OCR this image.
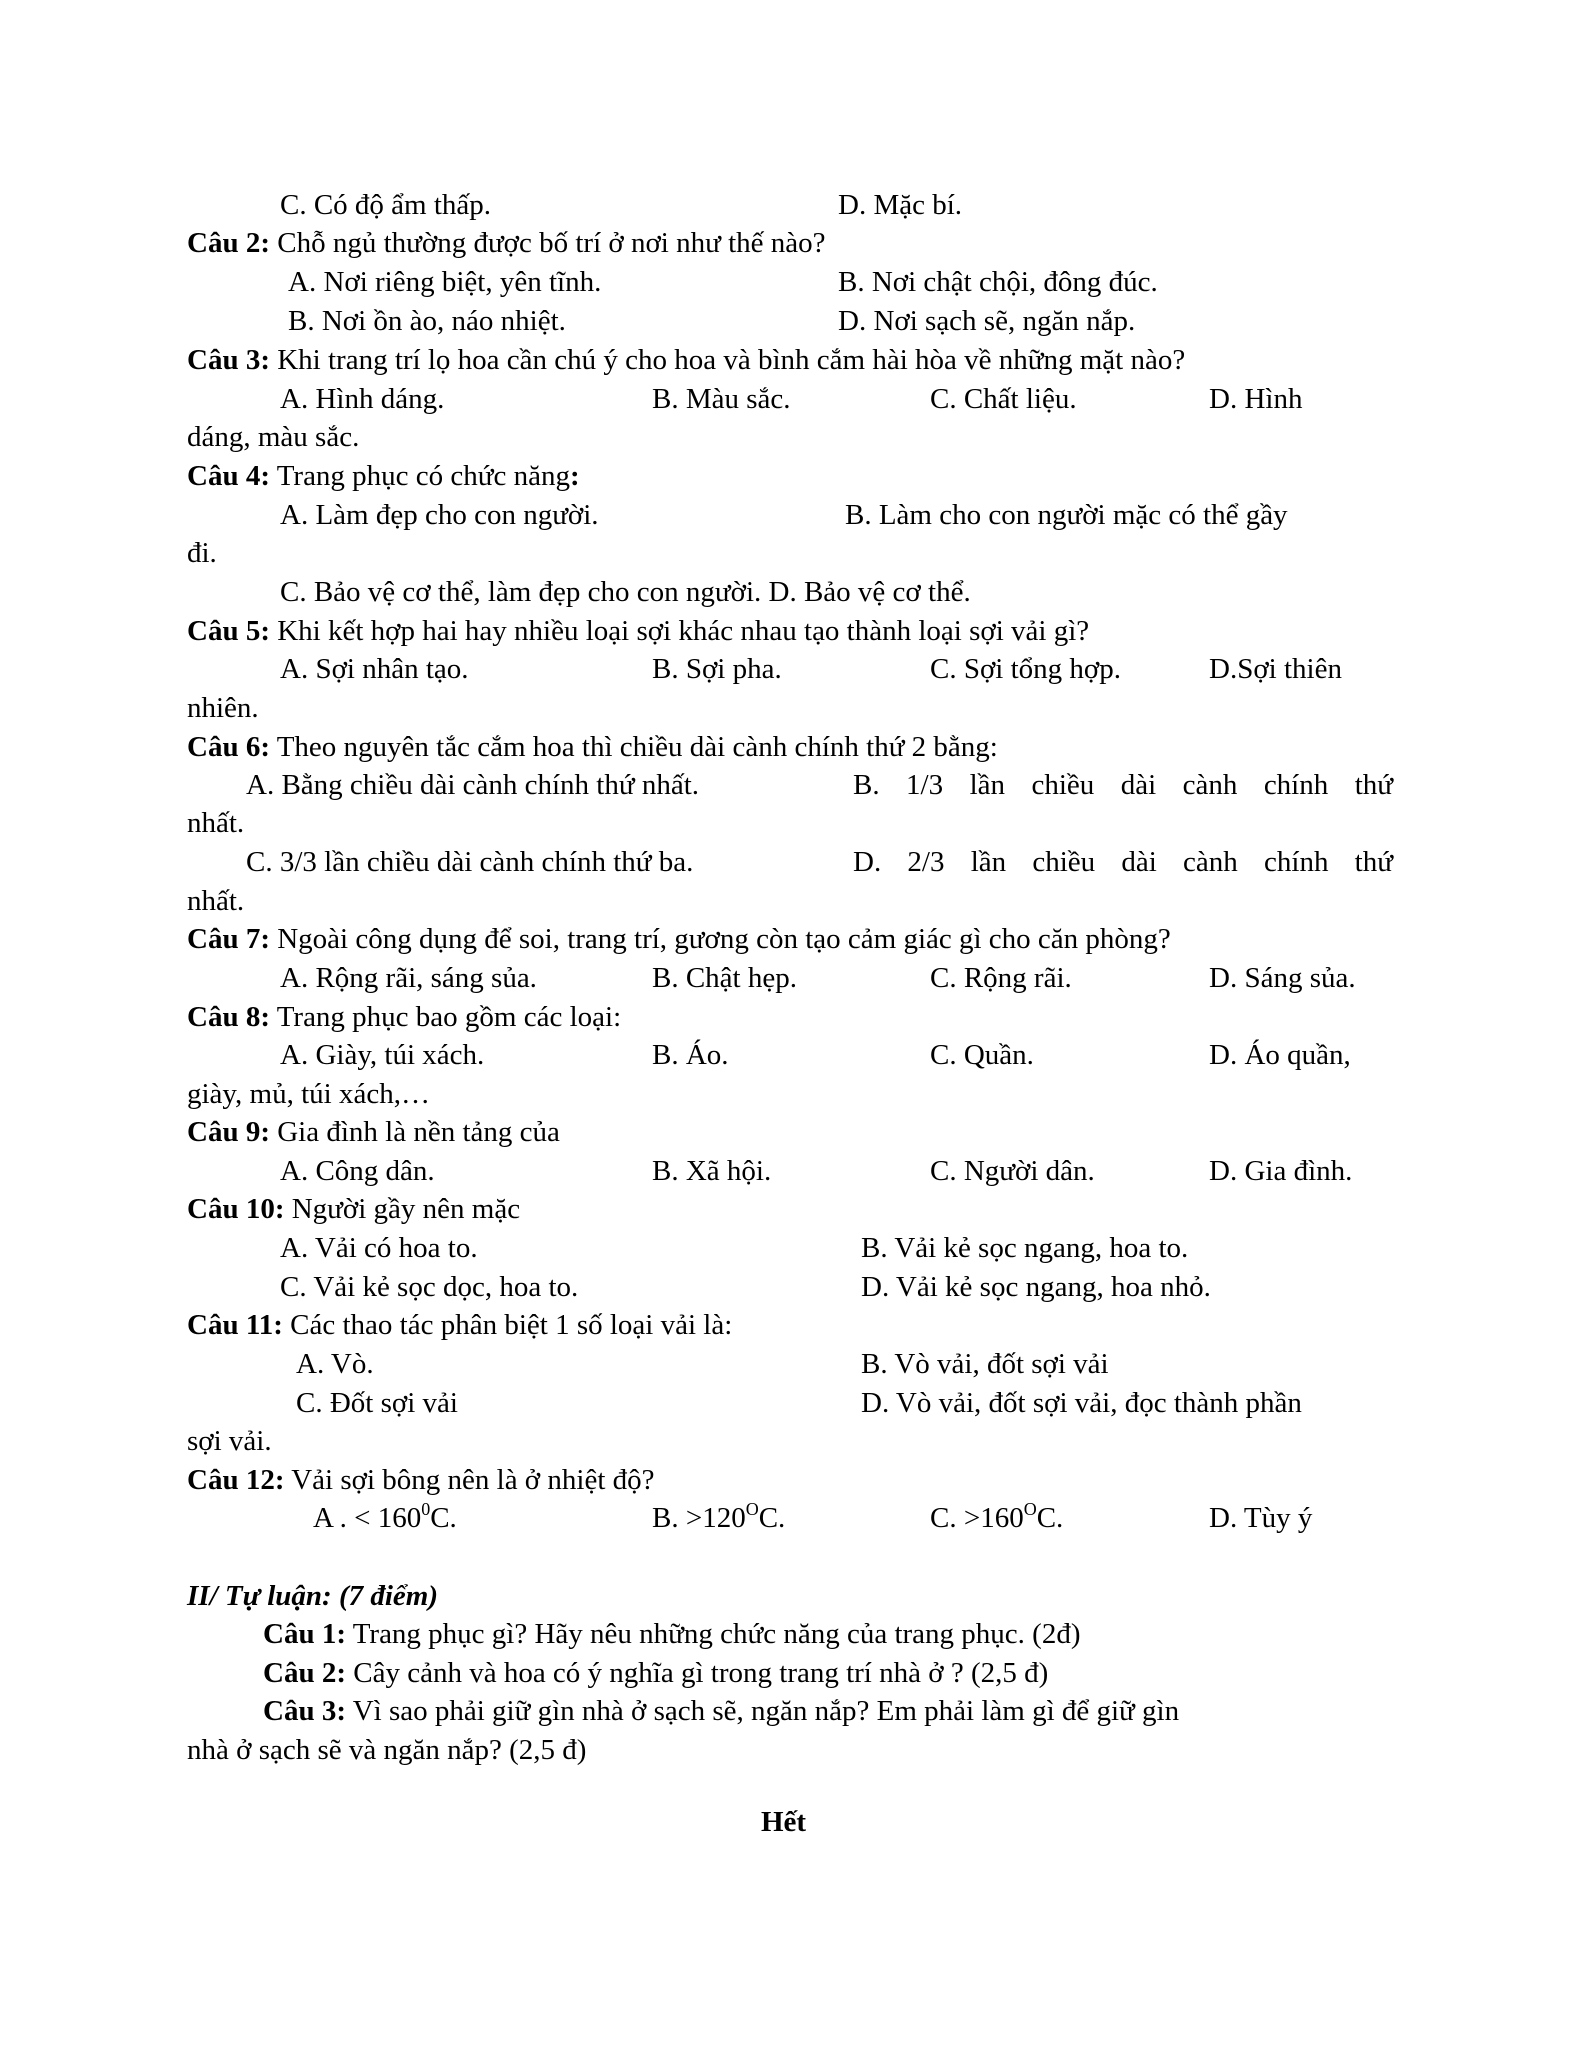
C. Có độ ẩm thấp.	D. Mặc bí.
Câu 2: Chỗ ngủ thường được bố trí ở nơi như thế nào?
A. Nơi riêng biệt, yên tĩnh.	B. Nơi chật chội, đông đúc.
B. Nơi ồn ào, náo nhiệt.	D. Nơi sạch sẽ, ngăn nắp.
Câu 3: Khi trang trí lọ hoa cần chú ý cho hoa và bình cắm hài hòa về những mặt nào?
A. Hình dáng.	B. Màu sắc.	C. Chất liệu.	D. Hình
dáng, màu sắc.
Câu 4: Trang phục có chức năng:
A. Làm đẹp cho con người.	B. Làm cho con người mặc có thể gầy
đi.
C. Bảo vệ cơ thể, làm đẹp cho con người. D. Bảo vệ cơ thể.
Câu 5: Khi kết hợp hai hay nhiều loại sợi khác nhau tạo thành loại sợi vải gì?
A. Sợi nhân tạo.	B. Sợi pha.	C. Sợi tổng hợp.	D.Sợi thiên
nhiên.
Câu 6: Theo nguyên tắc cắm hoa thì chiều dài cành chính thứ 2 bằng:
A. Bằng chiều dài cành chính thứ nhất.	B. 1/3 lần chiều dài cành chính thứ
nhất.
C. 3/3 lần chiều dài cành chính thứ ba.	D. 2/3 lần chiều dài cành chính thứ
nhất.
Câu 7: Ngoài công dụng để soi, trang trí, gương còn tạo cảm giác gì cho căn phòng?
A. Rộng rãi, sáng sủa.	B. Chật hẹp.	C. Rộng rãi.	D. Sáng sủa.
Câu 8: Trang phục bao gồm các loại:
A. Giày, túi xách.	B. Áo.	C. Quần.	D. Áo quần,
giày, mủ, túi xách,…
Câu 9: Gia đình là nền tảng của
A. Công dân.	B. Xã hội.	C. Người dân.	D. Gia đình.
Câu 10: Người gầy nên mặc
A. Vải có hoa to.	B. Vải kẻ sọc ngang, hoa to.
C. Vải kẻ sọc dọc, hoa to.	D. Vải kẻ sọc ngang, hoa nhỏ.
Câu 11: Các thao tác phân biệt 1 số loại vải là:
A. Vò.	B. Vò vải, đốt sợi vải
C. Đốt sợi vải	D. Vò vải, đốt sợi vải, đọc thành phần
sợi vải.
Câu 12: Vải sợi bông nên là ở nhiệt độ?
A . < $160^0C$.	B. $>120^OC$.	C. $>160^OC$.	D. Tùy ý
II/ Tự luận: (7 điểm)
Câu 1: Trang phục gì? Hãy nêu những chức năng của trang phục. (2đ)
Câu 2: Cây cảnh và hoa có ý nghĩa gì trong trang trí nhà ở ? (2,5 đ)
Câu 3: Vì sao phải giữ gìn nhà ở sạch sẽ, ngăn nắp? Em phải làm gì để giữ gìn
nhà ở sạch sẽ và ngăn nắp? (2,5 đ)
Hết
